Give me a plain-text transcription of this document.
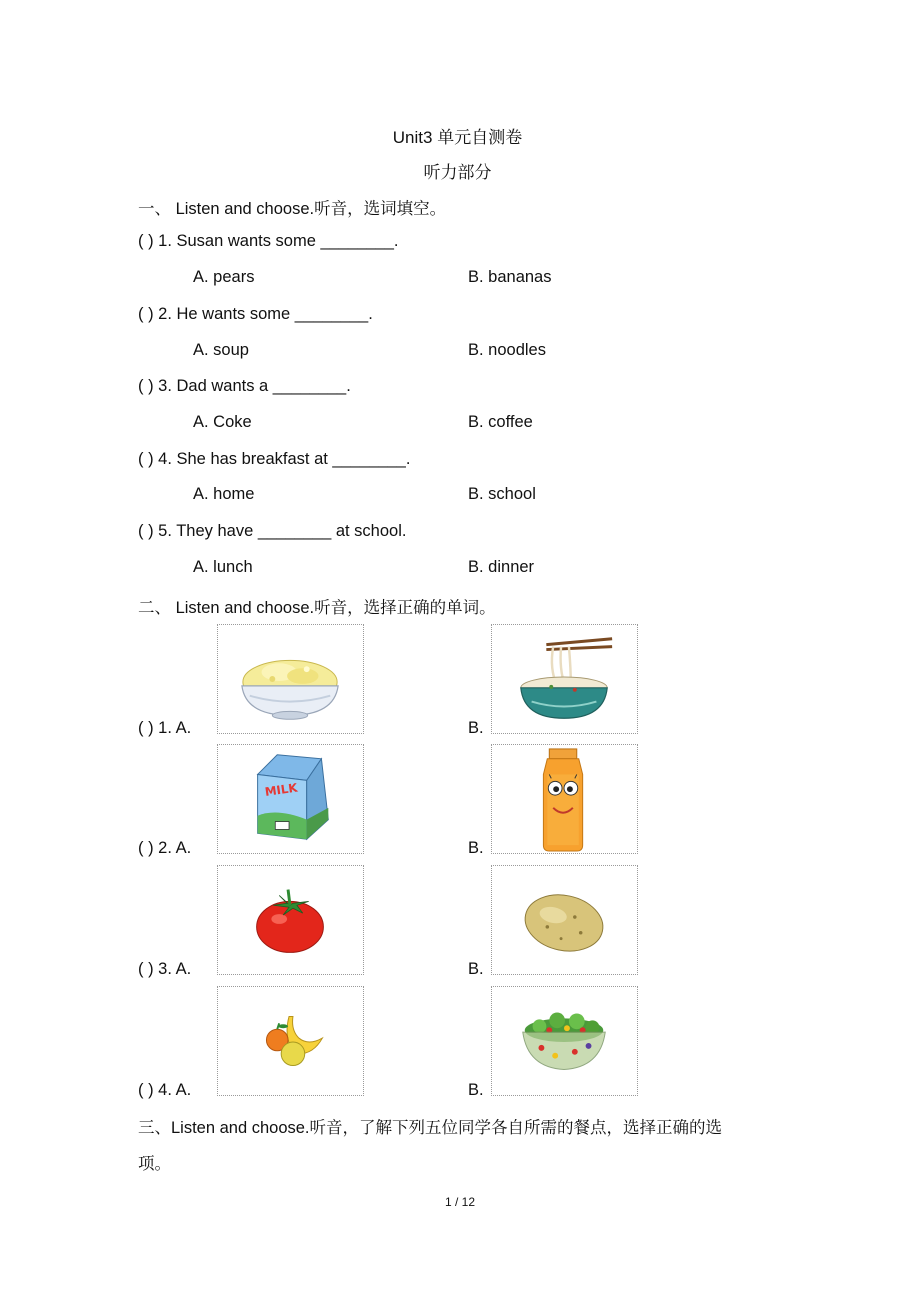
Unit3 单元自测卷
听力部分
一、 Listen and choose.听音，选词填空。
( ) 1. Susan wants some ________.
A. pears	B. bananas
( ) 2. He wants some ________.
A. soup	B. noodles
( ) 3. Dad wants a ________.
A. Coke	B. coffee
( ) 4. She has breakfast at ________.
A. home	B. school
( ) 5. They have ________ at school.
A. lunch	B. dinner
二、 Listen and choose.听音，选择正确的单词。
( ) 1. A.	B.
( ) 2. A.
MILK
B.
( ) 3. A.	B.
( ) 4. A.	B.
三、Listen and choose.听音，了解下列五位同学各自所需的餐点，选择正确的选
项。
1 / 12
